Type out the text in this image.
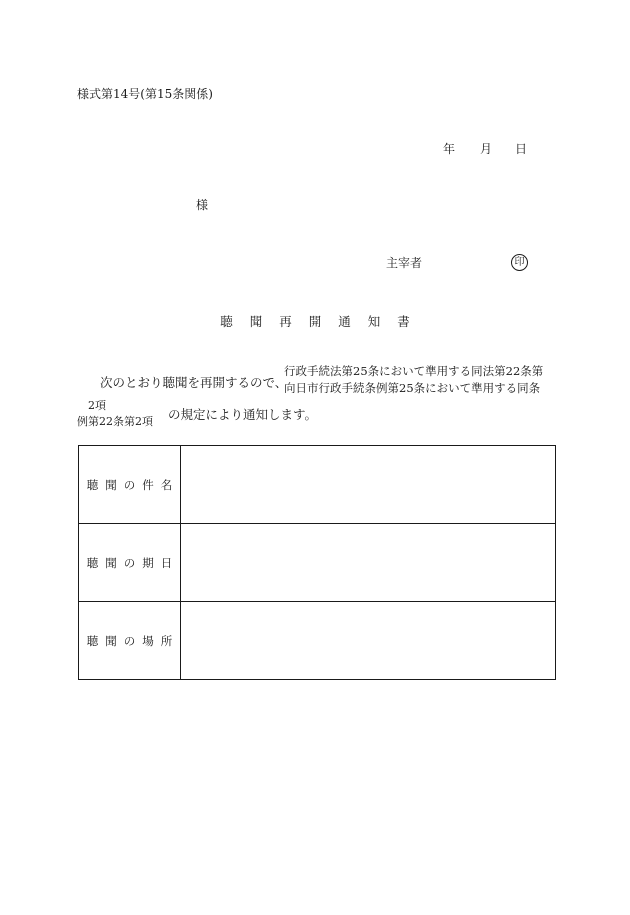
様式第14号(第15条関係)
年 月 日
様
主宰者	印
聴聞再開通知書
次のとおり聴聞を再開するので、
行政手続法第25条において準用する同法第22条第
向日市行政手続条例第25条において準用する同条
2項
例第22条第2項 の規定により通知します。
聴聞の件名	
聴聞の期日	
聴聞の場所	
